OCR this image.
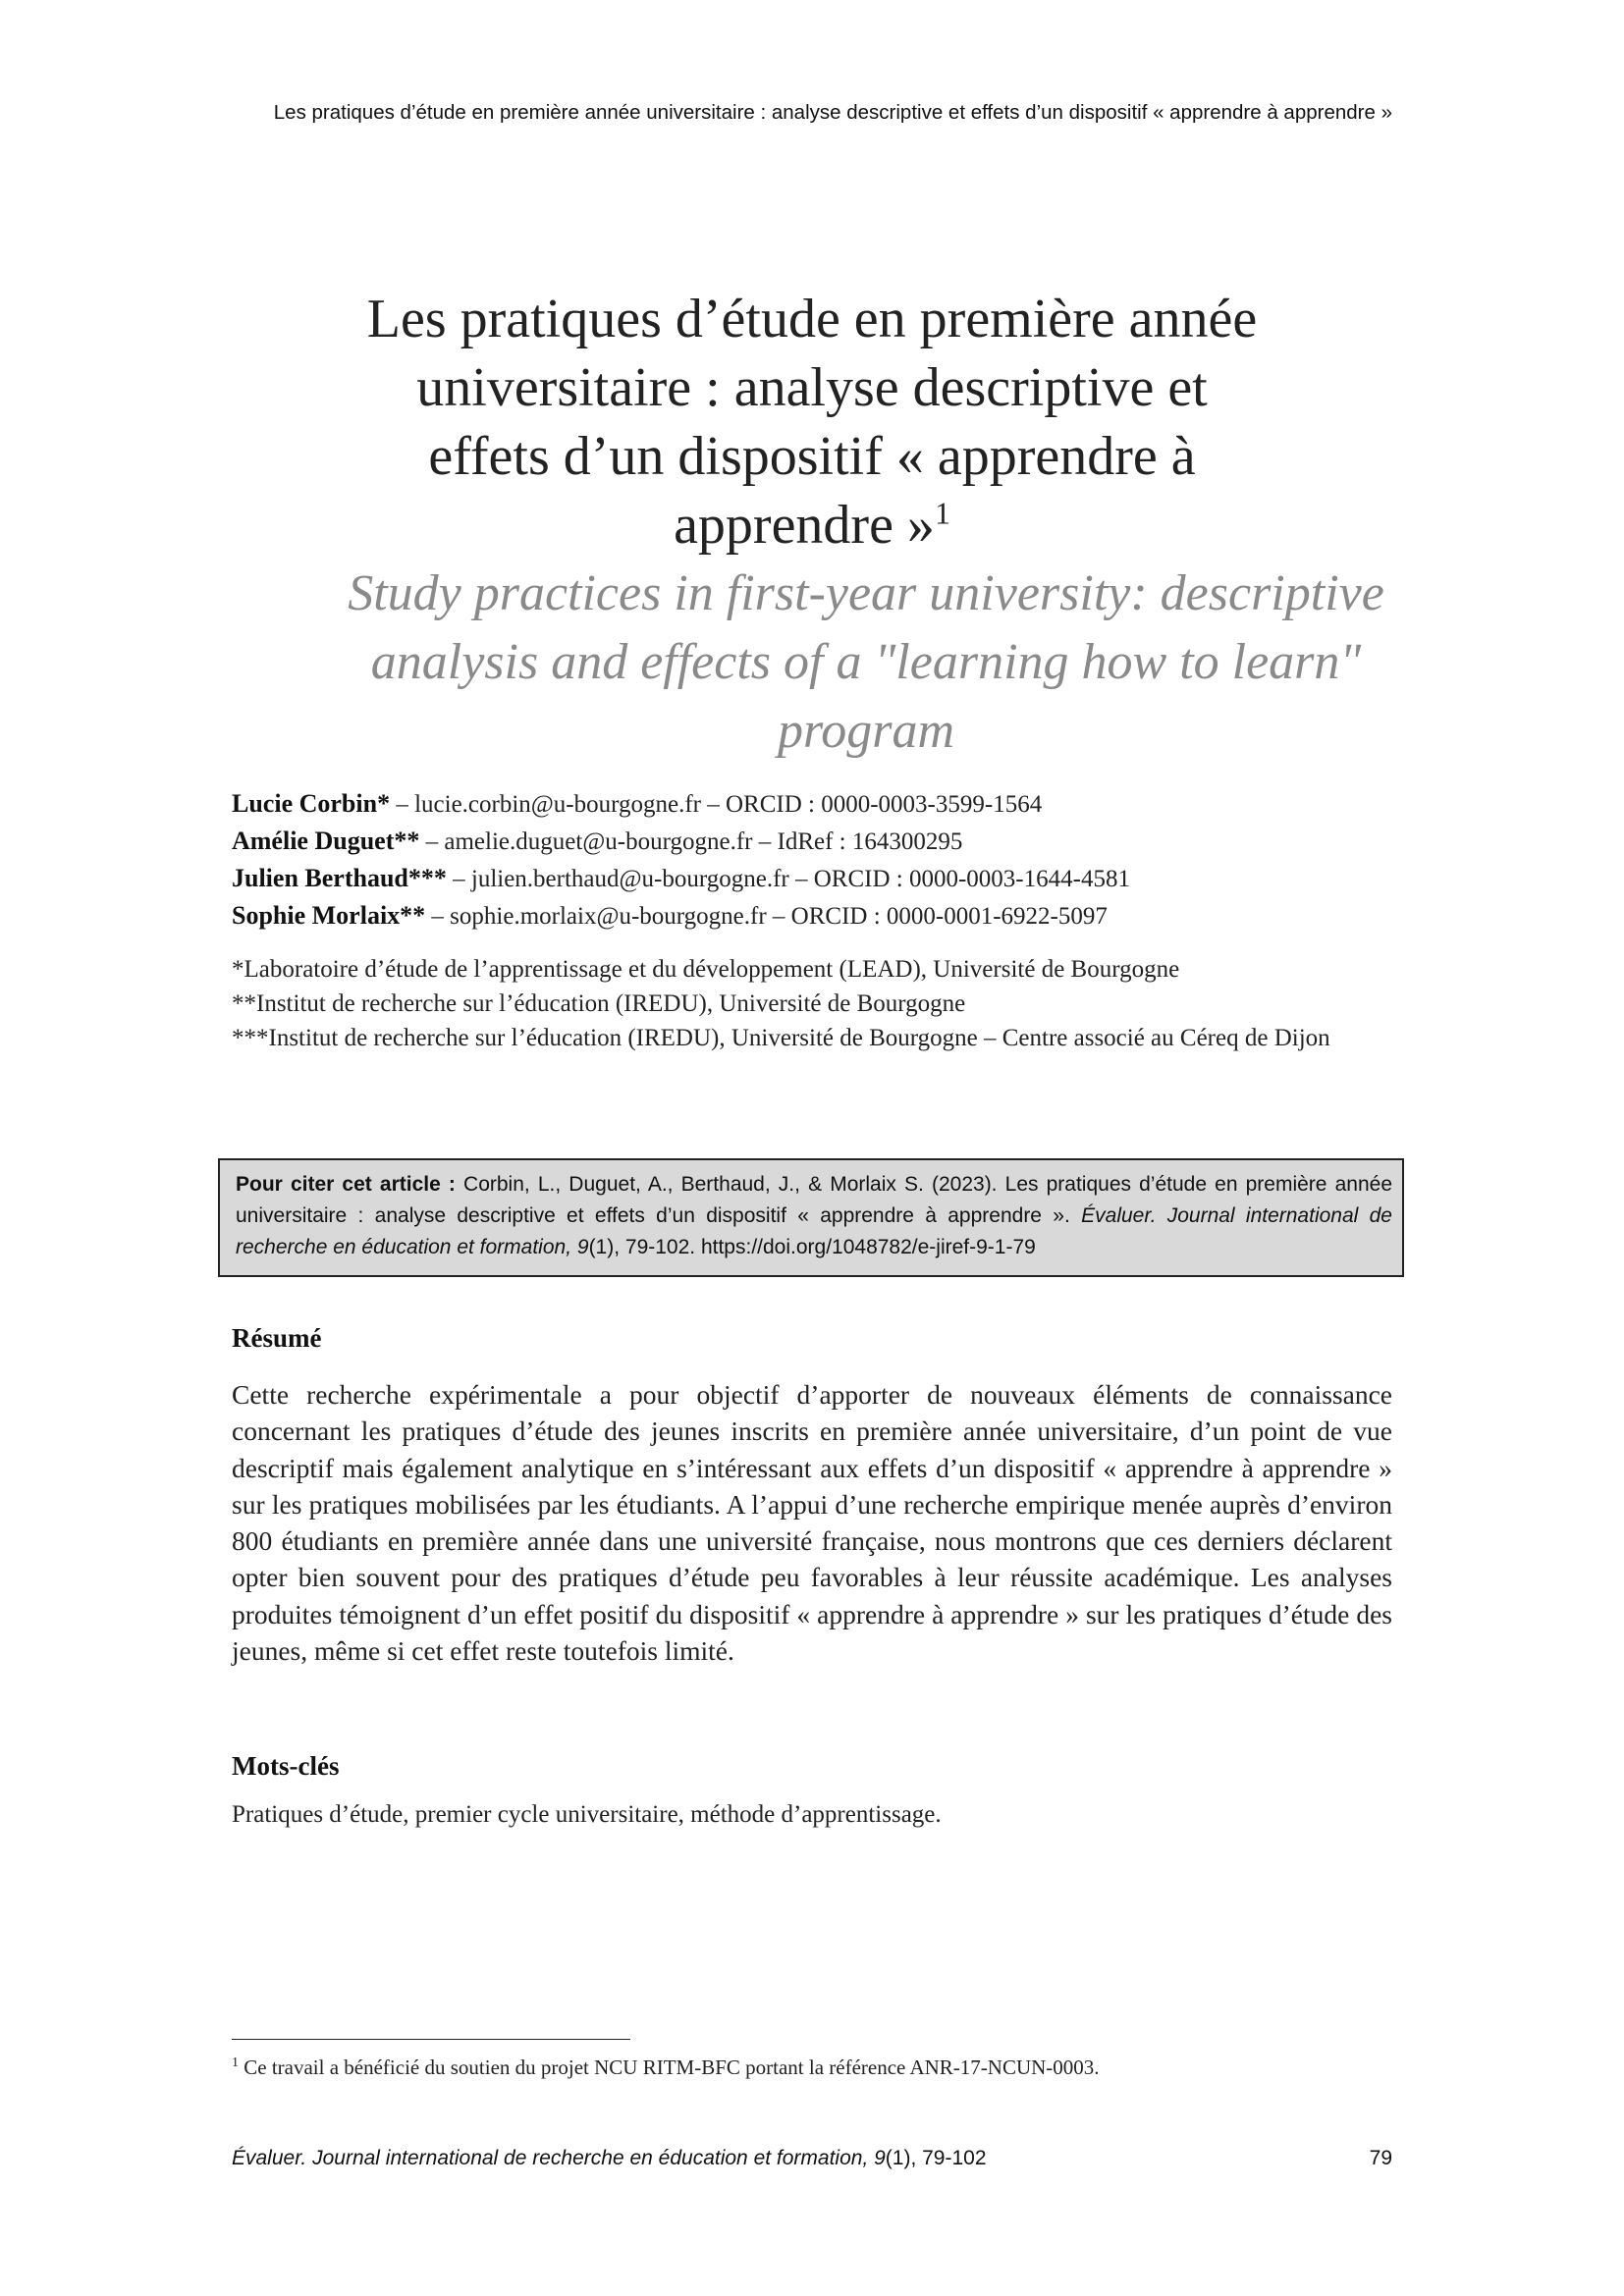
Les pratiques d’étude en première année universitaire : analyse descriptive et effets d’un dispositif « apprendre à apprendre »
Les pratiques d’étude en première année universitaire : analyse descriptive et effets d’un dispositif « apprendre à apprendre »$^1$
Study practices in first-year university: descriptive analysis and effects of a "learning how to learn" program
Lucie Corbin* – lucie.corbin@u-bourgogne.fr – ORCID : 0000-0003-3599-1564
Amélie Duguet** – amelie.duguet@u-bourgogne.fr – IdRef : 164300295
Julien Berthaud*** – julien.berthaud@u-bourgogne.fr – ORCID : 0000-0003-1644-4581
Sophie Morlaix** – sophie.morlaix@u-bourgogne.fr – ORCID : 0000-0001-6922-5097
*Laboratoire d’étude de l’apprentissage et du développement (LEAD), Université de Bourgogne
**Institut de recherche sur l’éducation (IREDU), Université de Bourgogne
***Institut de recherche sur l’éducation (IREDU), Université de Bourgogne – Centre associé au Céreq de Dijon
Pour citer cet article : Corbin, L., Duguet, A., Berthaud, J., & Morlaix S. (2023). Les pratiques d’étude en première année universitaire : analyse descriptive et effets d’un dispositif « apprendre à apprendre ». Évaluer. Journal international de recherche en éducation et formation, 9(1), 79-102. https://doi.org/1048782/e-jiref-9-1-79
Résumé
Cette recherche expérimentale a pour objectif d’apporter de nouveaux éléments de connaissance concernant les pratiques d’étude des jeunes inscrits en première année universitaire, d’un point de vue descriptif mais également analytique en s’intéressant aux effets d’un dispositif « apprendre à apprendre » sur les pratiques mobilisées par les étudiants. A l’appui d’une recherche empirique menée auprès d’environ 800 étudiants en première année dans une université française, nous montrons que ces derniers déclarent opter bien souvent pour des pratiques d’étude peu favorables à leur réussite académique. Les analyses produites témoignent d’un effet positif du dispositif « apprendre à apprendre » sur les pratiques d’étude des jeunes, même si cet effet reste toutefois limité.
Mots-clés
Pratiques d’étude, premier cycle universitaire, méthode d’apprentissage.
$^1$ Ce travail a bénéficié du soutien du projet NCU RITM-BFC portant la référence ANR-17-NCUN-0003.
Évaluer. Journal international de recherche en éducation et formation, 9(1), 79-102	79
